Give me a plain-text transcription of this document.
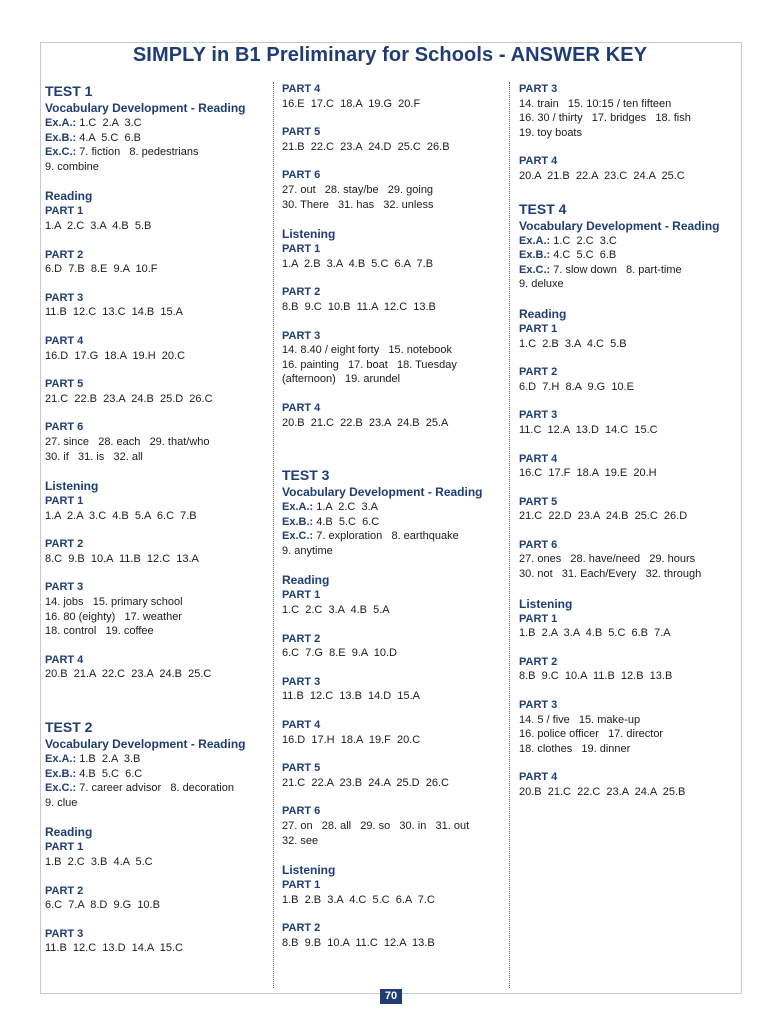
SIMPLY in B1 Preliminary for Schools - ANSWER KEY
TEST 1
Vocabulary Development - Reading
Ex.A.: 1.C  2.A  3.C
Ex.B.: 4.A  5.C  6.B
Ex.C.: 7. fiction   8. pedestrians
9. combine
Reading
PART 1
1.A  2.C  3.A  4.B  5.B
PART 2
6.D  7.B  8.E  9.A  10.F
PART 3
11.B  12.C  13.C  14.B  15.A
PART 4
16.D  17.G  18.A  19.H  20.C
PART 5
21.C  22.B  23.A  24.B  25.D  26.C
PART 6
27. since   28. each   29. that/who
30. if   31. is   32. all
Listening
PART 1
1.A  2.A  3.C  4.B  5.A  6.C  7.B
PART 2
8.C  9.B  10.A  11.B  12.C  13.A
PART 3
14. jobs   15. primary school
16. 80 (eighty)   17. weather
18. control   19. coffee
PART 4
20.B  21.A  22.C  23.A  24.B  25.C
TEST 2
Vocabulary Development - Reading
Ex.A.: 1.B  2.A  3.B
Ex.B.: 4.B  5.C  6.C
Ex.C.: 7. career advisor   8. decoration
9. clue
Reading
PART 1
1.B  2.C  3.B  4.A  5.C
PART 2
6.C  7.A  8.D  9.G  10.B
PART 3
11.B  12.C  13.D  14.A  15.C
PART 4
16.E  17.C  18.A  19.G  20.F
PART 5
21.B  22.C  23.A  24.D  25.C  26.B
PART 6
27. out   28. stay/be   29. going
30. There   31. has   32. unless
Listening
PART 1
1.A  2.B  3.A  4.B  5.C  6.A  7.B
PART 2
8.B  9.C  10.B  11.A  12.C  13.B
PART 3
14. 8.40 / eight forty   15. notebook
16. painting   17. boat   18. Tuesday
(afternoon)   19. arundel
PART 4
20.B  21.C  22.B  23.A  24.B  25.A
TEST 3
Vocabulary Development - Reading
Ex.A.: 1.A  2.C  3.A
Ex.B.: 4.B  5.C  6.C
Ex.C.: 7. exploration   8. earthquake
9. anytime
Reading
PART 1
1.C  2.C  3.A  4.B  5.A
PART 2
6.C  7.G  8.E  9.A  10.D
PART 3
11.B  12.C  13.B  14.D  15.A
PART 4
16.D  17.H  18.A  19.F  20.C
PART 5
21.C  22.A  23.B  24.A  25.D  26.C
PART 6
27. on   28. all   29. so   30. in   31. out
32. see
Listening
PART 1
1.B  2.B  3.A  4.C  5.C  6.A  7.C
PART 2
8.B  9.B  10.A  11.C  12.A  13.B
PART 3
14. train   15. 10:15 / ten fifteen
16. 30 / thirty   17. bridges   18. fish
19. toy boats
PART 4
20.A  21.B  22.A  23.C  24.A  25.C
TEST 4
Vocabulary Development - Reading
Ex.A.: 1.C  2.C  3.C
Ex.B.: 4.C  5.C  6.B
Ex.C.: 7. slow down   8. part-time
9. deluxe
Reading
PART 1
1.C  2.B  3.A  4.C  5.B
PART 2
6.D  7.H  8.A  9.G  10.E
PART 3
11.C  12.A  13.D  14.C  15.C
PART 4
16.C  17.F  18.A  19.E  20.H
PART 5
21.C  22.D  23.A  24.B  25.C  26.D
PART 6
27. ones   28. have/need   29. hours
30. not   31. Each/Every   32. through
Listening
PART 1
1.B  2.A  3.A  4.B  5.C  6.B  7.A
PART 2
8.B  9.C  10.A  11.B  12.B  13.B
PART 3
14. 5 / five   15. make-up
16. police officer   17. director
18. clothes   19. dinner
PART 4
20.B  21.C  22.C  23.A  24.A  25.B
70
